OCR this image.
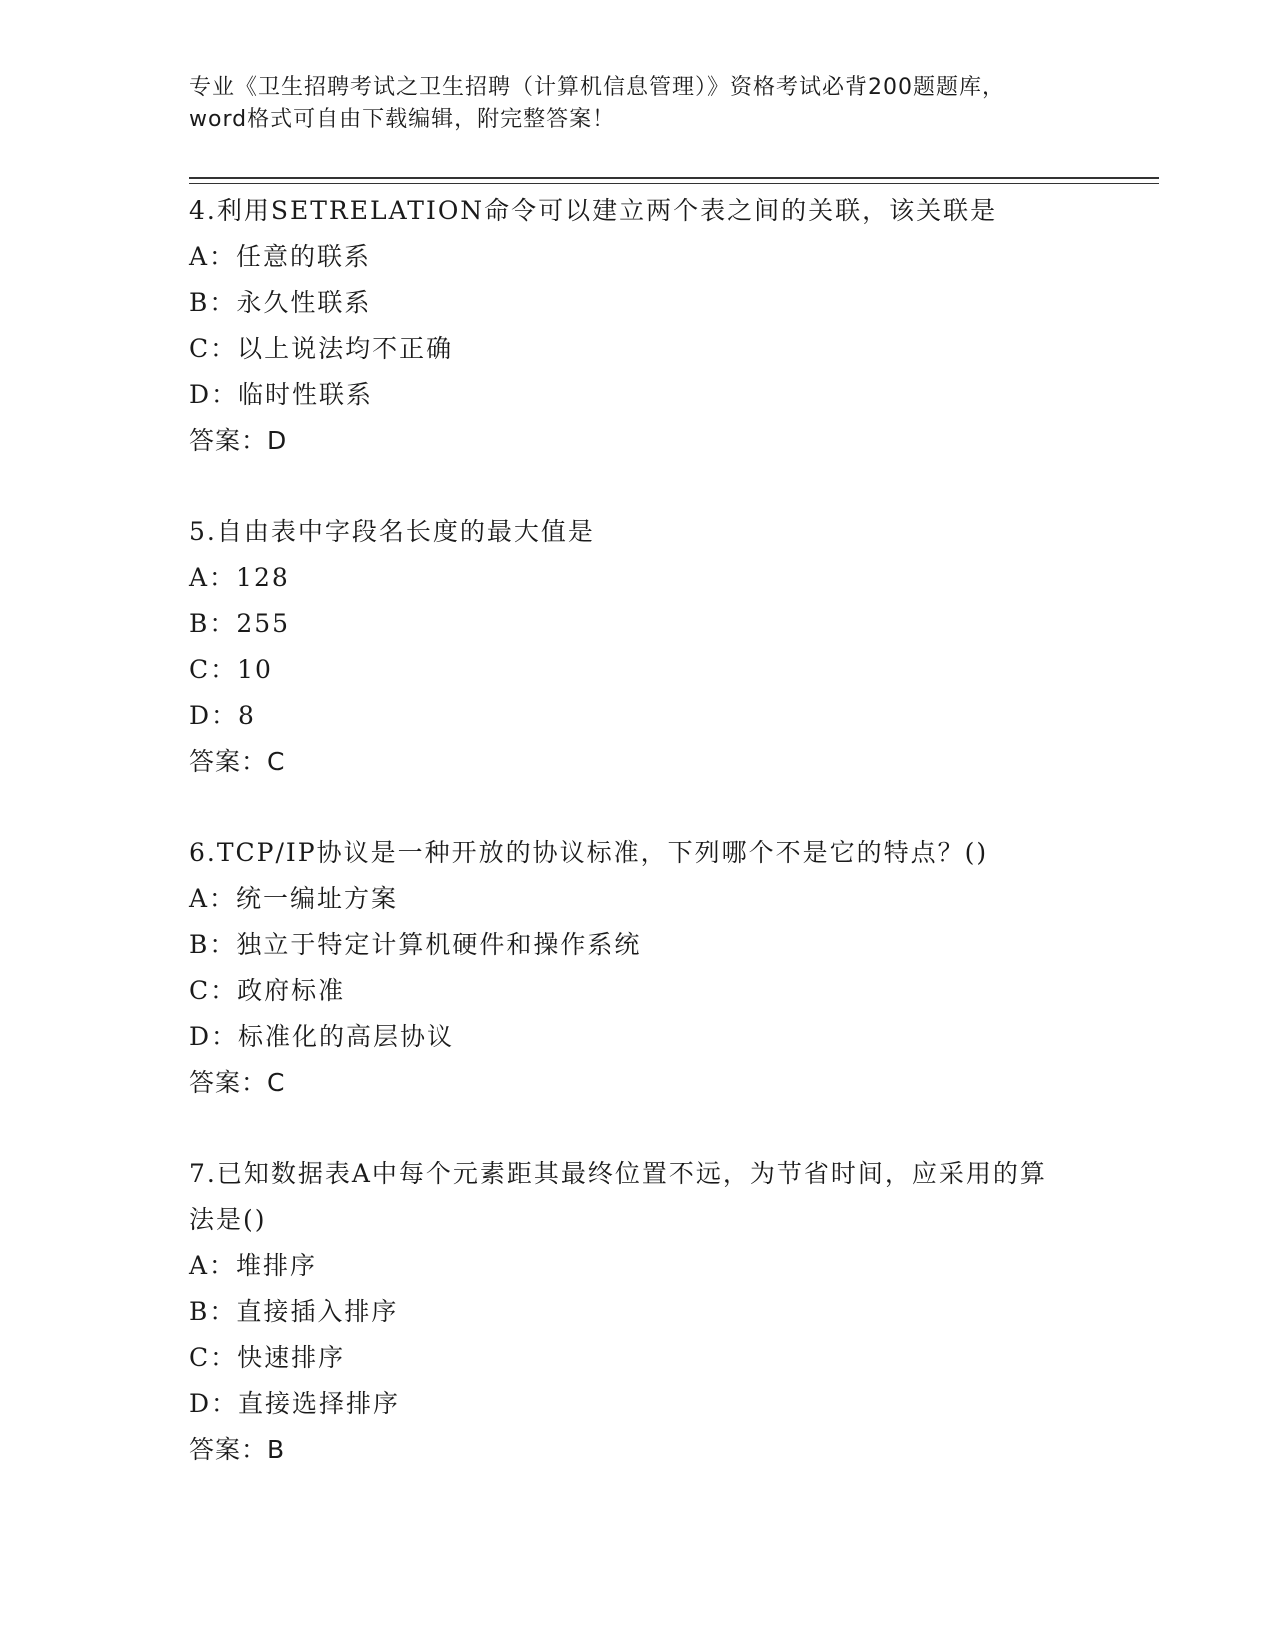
专业《卫生招聘考试之卫生招聘（计算机信息管理）》资格考试必背200题题库，
word格式可自由下载编辑，附完整答案！
4.利用SETRELATION命令可以建立两个表之间的关联，该关联是
A：任意的联系
B：永久性联系
C：以上说法均不正确
D：临时性联系
答案：D
5.自由表中字段名长度的最大值是
A：128
B：255
C：10
D：8
答案：C
6.TCP/IP协议是一种开放的协议标准，下列哪个不是它的特点？()
A：统一编址方案
B：独立于特定计算机硬件和操作系统
C：政府标准
D：标准化的高层协议
答案：C
7.已知数据表A中每个元素距其最终位置不远，为节省时间，应采用的算法是()
A：堆排序
B：直接插入排序
C：快速排序
D：直接选择排序
答案：B
